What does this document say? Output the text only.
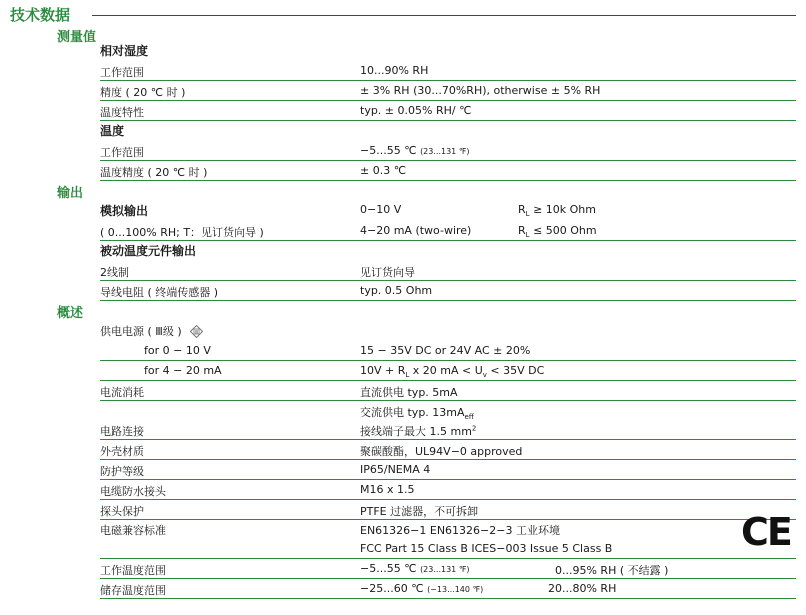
技术数据
测量值
相对湿度
工作范围	10...90% RH
精度 ( 20 ℃ 时 )	± 3% RH (30...70%RH), otherwise ± 5% RH
温度特性	typ. ± 0.05% RH/ ℃
温度
工作范围	−5...55 ℃ (23...131 ℉)
温度精度 ( 20 ℃ 时 )	± 0.3 ℃
输出
模拟输出	0−10 V	$R_L \ge 10k$ Ohm
( 0...100% RH; T：见订货向导 )	4−20 mA (two-wire)	$R_L \le 500$ Ohm
被动温度元件输出
2线制	见订货向导
导线电阻 ( 终端传感器 )	typ. 0.5 Ohm
概述
供电电源 ( Ⅲ级 )	Ⅲ
for 0 − 10 V	15 − 35V DC or 24V AC ± 20%
for 4 − 20 mA	$10V + R_L$ x 20 mA < $U_v < 35V$ DC
电流消耗	直流供电 typ. 5mA
交流供电 typ. $13mA_{eff}$
电路连接	接线端子最大 1.5 $mm^2$
外壳材质	聚碳酸酯，UL94V−0 approved
防护等级	IP65/NEMA 4
电缆防水接头	M16 x 1.5
探头保护	PTFE 过滤器，不可拆卸
电磁兼容标准	EN61326−1 EN61326−2−3 工业环境
FCC Part 15 Class B ICES−003 Issue 5 Class B
工作温度范围	−5...55 ℃ (23...131 ℉)	0...95% RH ( 不结露 )
储存温度范围	−25...60 ℃ (−13...140 ℉)	20...80% RH
CE
